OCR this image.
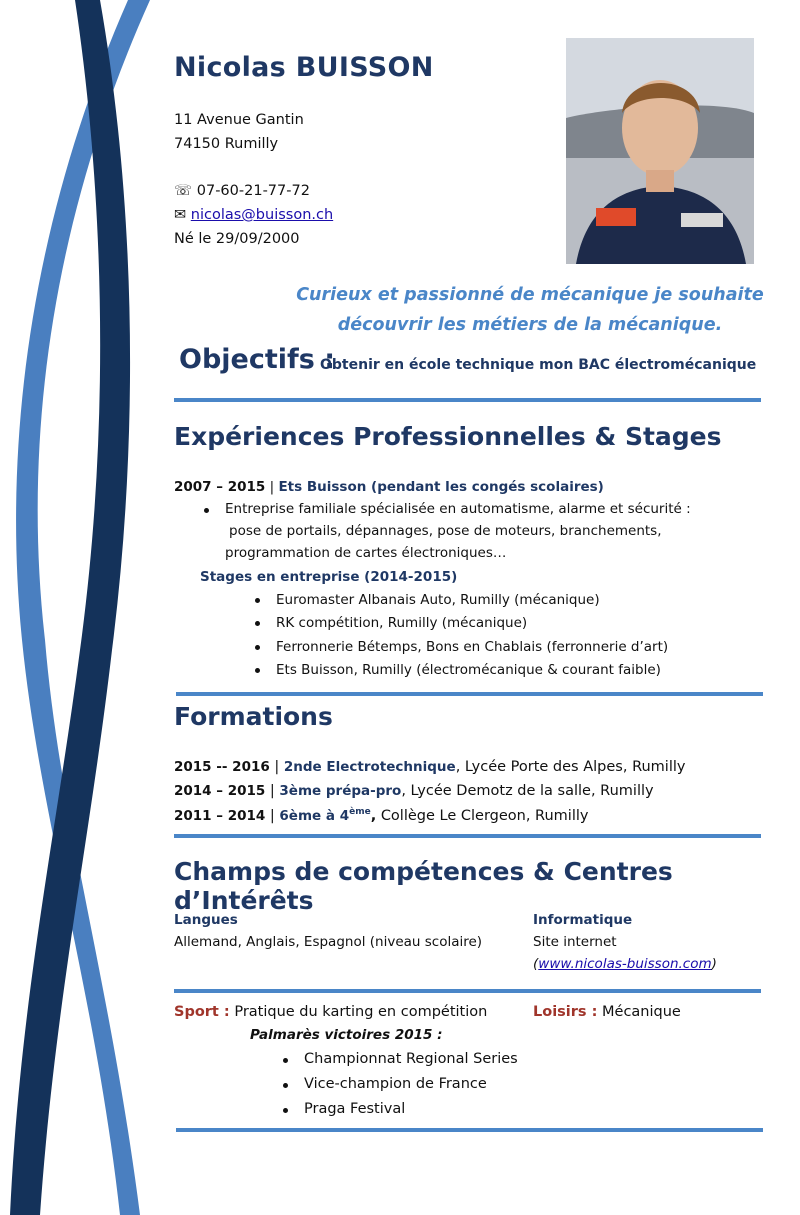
Nicolas BUISSON
11 Avenue Gantin
74150 Rumilly
☏ 07-60-21-77-72
✉ nicolas@buisson.ch
Né le 29/09/2000
Curieux et passionné de mécanique je souhaite
découvrir les métiers de la mécanique.
Objectifs :
Obtenir en école technique mon BAC électromécanique
Expériences Professionnelles & Stages
2007 – 2015 | Ets Buisson (pendant les congés scolaires)
Entreprise familiale spécialisée en automatisme, alarme et sécurité :
pose de portails, dépannages, pose de moteurs, branchements,
programmation de cartes électroniques…
Stages en entreprise (2014-2015)
Euromaster Albanais Auto, Rumilly (mécanique)
RK compétition, Rumilly (mécanique)
Ferronnerie Bétemps, Bons en Chablais (ferronnerie d’art)
Ets Buisson, Rumilly (électromécanique & courant faible)
Formations
2015 -- 2016 | 2nde Electrotechnique, Lycée Porte des Alpes, Rumilly
2014 – 2015 | 3ème prépa-pro, Lycée Demotz de la salle, Rumilly
2011 – 2014 | 6ème à 4ème, Collège Le Clergeon, Rumilly
Champs de compétences & Centres d’Intérêts
Langues
Allemand, Anglais, Espagnol (niveau scolaire)
Informatique
Site internet
(www.nicolas-buisson.com)
Sport : Pratique du karting en compétition
Palmarès victoires 2015 :
Championnat Regional Series
Vice-champion de France
Praga Festival
Loisirs : Mécanique
